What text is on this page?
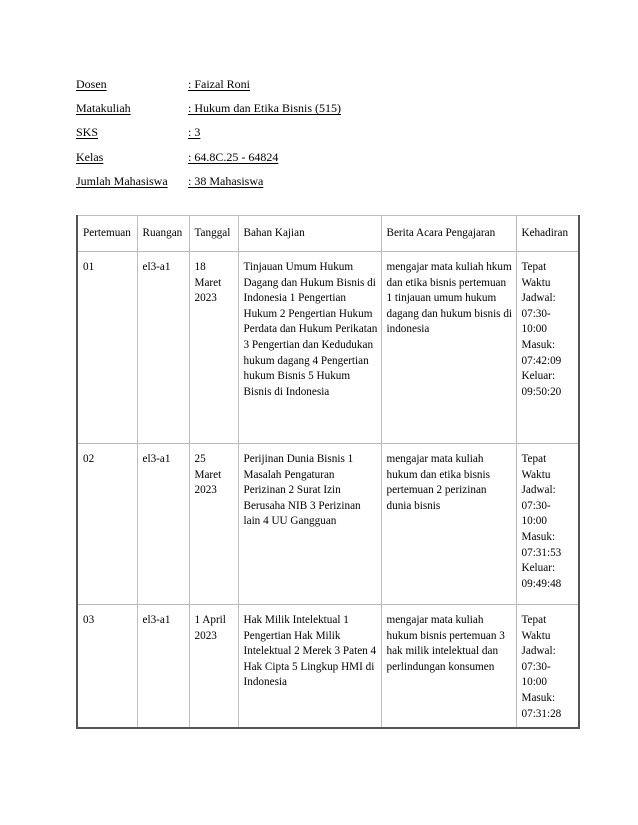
Dosen	: Faizal Roni
Matakuliah	: Hukum dan Etika Bisnis (515)
SKS	: 3
Kelas	: 64.8C.25 - 64824
Jumlah Mahasiswa	: 38 Mahasiswa
Pertemuan	Ruangan	Tanggal	Bahan Kajian	Berita Acara Pengajaran	Kehadiran
01	el3-a1	18 Maret 2023	Tinjauan Umum Hukum Dagang dan Hukum Bisnis di Indonesia 1 Pengertian Hukum 2 Pengertian Hukum Perdata dan Hukum Perikatan 3 Pengertian dan Kedudukan hukum dagang 4 Pengertian hukum Bisnis 5 Hukum Bisnis di Indonesia	mengajar mata kuliah hkum dan etika bisnis pertemuan 1 tinjauan umum hukum dagang dan hukum bisnis di indonesia	Tepat Waktu Jadwal: 07:30-10:00 Masuk: 07:42:09 Keluar: 09:50:20
02	el3-a1	25 Maret 2023	Perijinan Dunia Bisnis 1 Masalah Pengaturan Perizinan 2 Surat Izin Berusaha NIB 3 Perizinan lain 4 UU Gangguan	mengajar mata kuliah hukum dan etika bisnis pertemuan 2 perizinan dunia bisnis	Tepat Waktu Jadwal: 07:30-10:00 Masuk: 07:31:53 Keluar: 09:49:48
03	el3-a1	1 April 2023	Hak Milik Intelektual 1 Pengertian Hak Milik Intelektual 2 Merek 3 Paten 4 Hak Cipta 5 Lingkup HMI di Indonesia	mengajar mata kuliah hukum bisnis pertemuan 3 hak milik intelektual dan perlindungan konsumen	Tepat Waktu Jadwal: 07:30-10:00 Masuk: 07:31:28
